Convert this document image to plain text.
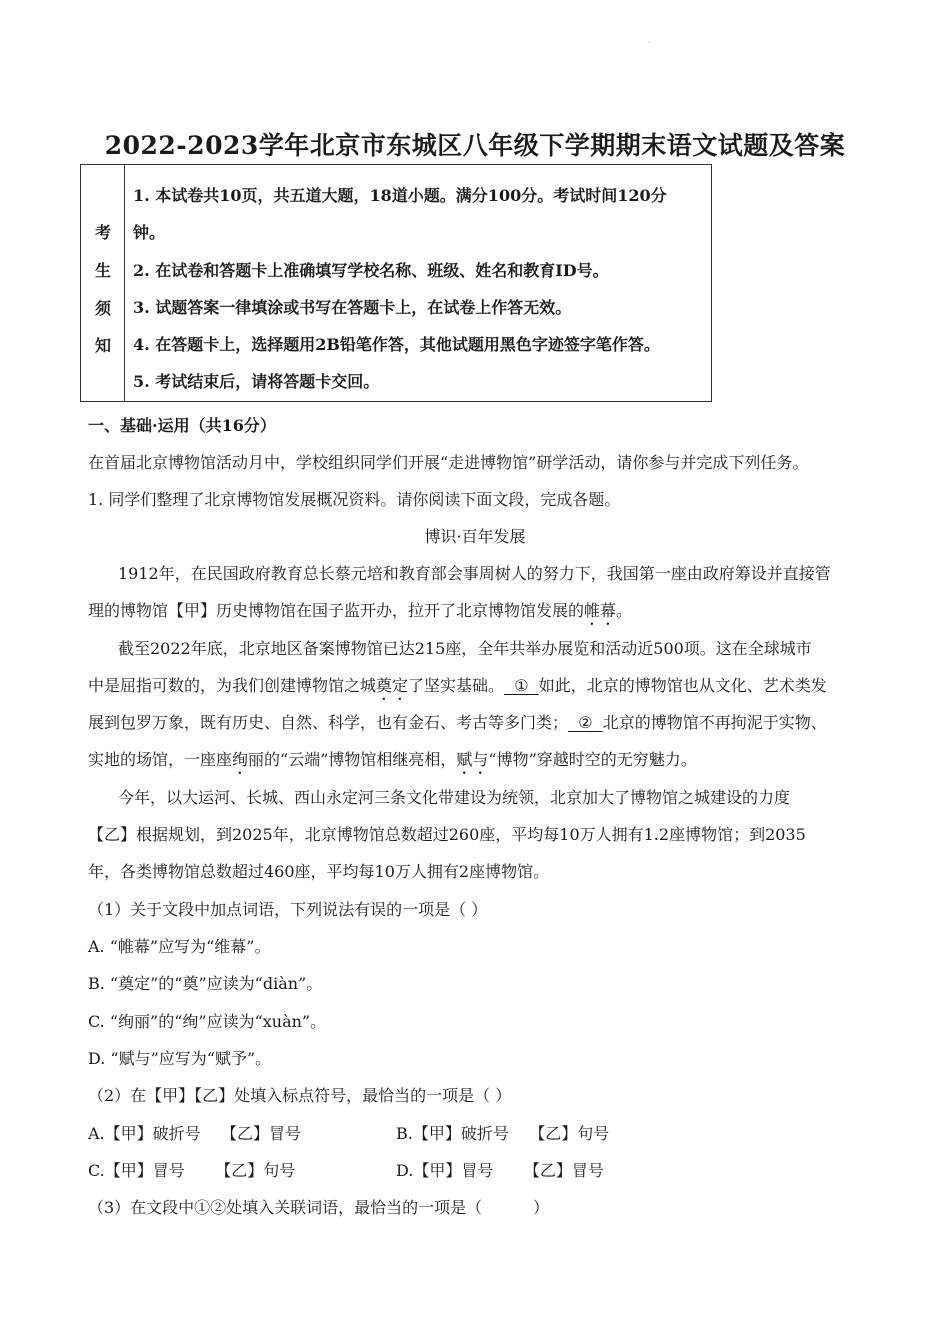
·
2022-2023学年北京市东城区八年级下学期期末语文试题及答案
考
生
须
知
1. 本试卷共10页，共五道大题，18道小题。满分100分。考试时间120分
钟。
2. 在试卷和答题卡上准确填写学校名称、班级、姓名和教育ID号。
3. 试题答案一律填涂或书写在答题卡上，在试卷上作答无效。
4. 在答题卡上，选择题用2B铅笔作答，其他试题用黑色字迹签字笔作答。
5. 考试结束后，请将答题卡交回。
一、基础·运用（共16分）
在首届北京博物馆活动月中，学校组织同学们开展“走进博物馆”研学活动，请你参与并完成下列任务。
1. 同学们整理了北京博物馆发展概况资料。请你阅读下面文段，完成各题。
博识·百年发展
1912年，在民国政府教育总长蔡元培和教育部会事周树人的努力下，我国第一座由政府筹设并直接管
理的博物馆【甲】历史博物馆在国子监开办，拉开了北京博物馆发展的帷幕。
截至2022年底，北京地区备案博物馆已达215座，全年共举办展览和活动近500项。这在全球城市
中是屈指可数的，为我们创建博物馆之城奠定了坚实基础。  ①  如此，北京的博物馆也从文化、艺术类发
展到包罗万象，既有历史、自然、科学，也有金石、考古等多门类；  ②  北京的博物馆不再拘泥于实物、
实地的场馆，一座座绚丽的“云端”博物馆相继亮相，赋与“博物”穿越时空的无穷魅力。
今年，以大运河、长城、西山永定河三条文化带建设为统领，北京加大了博物馆之城建设的力度
【乙】根据规划，到2025年，北京博物馆总数超过260座，平均每10万人拥有1.2座博物馆；到2035
年，各类博物馆总数超过460座，平均每10万人拥有2座博物馆。
（1）关于文段中加点词语，下列说法有误的一项是（ ）
A. “帷幕”应写为“维幕”。
B. “奠定”的“奠”应读为“diàn”。
C. “绚丽”的“绚”应读为“xuàn”。
D. “赋与”应写为“赋予”。
（2）在【甲】【乙】处填入标点符号，最恰当的一项是（ ）
A.【甲】破折号    【乙】冒号	B.【甲】破折号    【乙】句号
C.【甲】冒号      【乙】句号	D.【甲】冒号      【乙】冒号
（3）在文段中①②处填入关联词语，最恰当的一项是（          ）
